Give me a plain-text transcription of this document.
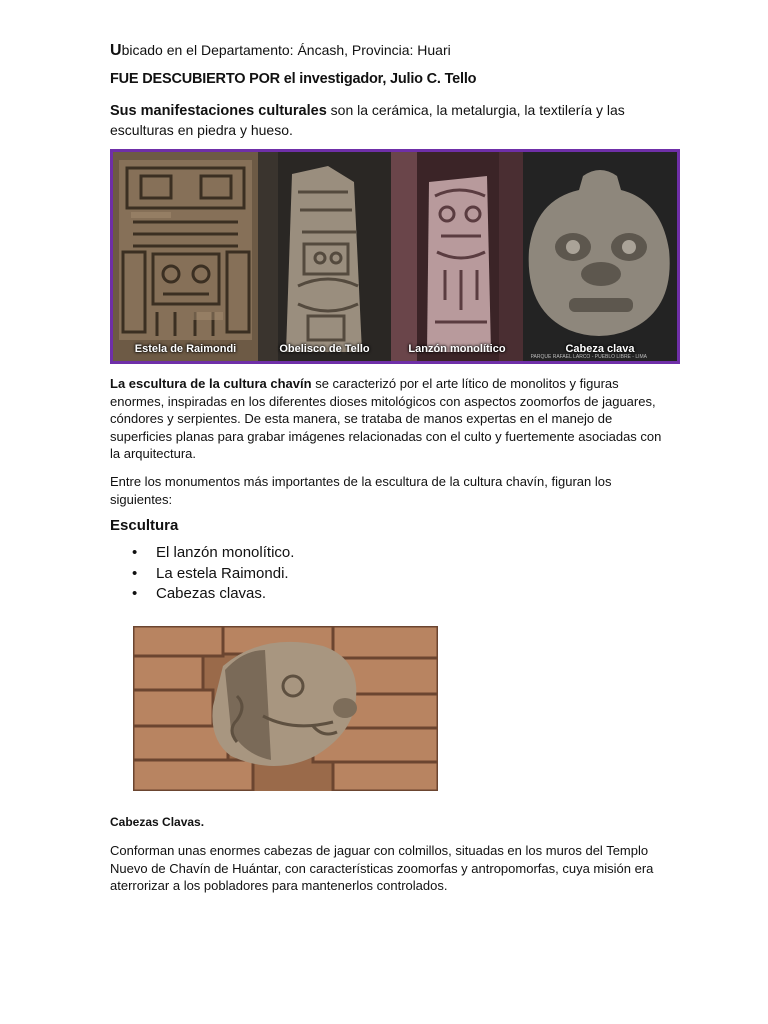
Ubicado en el Departamento: Áncash, Provincia: Huari
FUE DESCUBIERTO POR el investigador, Julio C. Tello
Sus manifestaciones culturales son la cerámica, la metalurgia, la textilería y las esculturas en piedra y hueso.
Estela de Raimondi	Obelisco de Tello	Lanzón monolítico	Cabeza clava
PARQUE RAFAEL LARCO - PUEBLO LIBRE - LIMA
La escultura de la cultura chavín se caracterizó por el arte lítico de monolitos y figuras enormes, inspiradas en los diferentes dioses mitológicos con aspectos zoomorfos de jaguares, cóndores y serpientes. De esta manera, se trataba de manos expertas en el manejo de superficies planas para grabar imágenes relacionadas con el culto y fuertemente asociadas con la arquitectura.
Entre los monumentos más importantes de la escultura de la cultura chavín, figuran los siguientes:
Escultura
• El lanzón monolítico.
• La estela Raimondi.
• Cabezas clavas.
Cabezas Clavas.
Conforman unas enormes cabezas de jaguar con colmillos, situadas en los muros del Templo Nuevo de Chavín de Huántar, con características zoomorfas y antropomorfas, cuya misión era aterrorizar a los pobladores para mantenerlos controlados.
